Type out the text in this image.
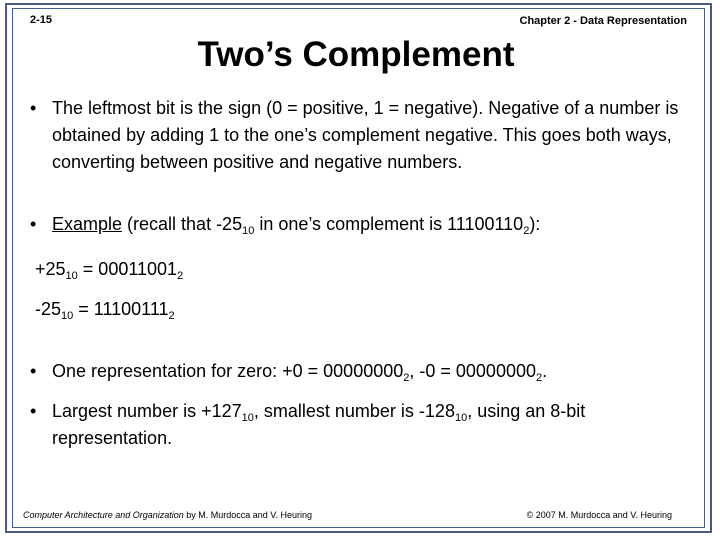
2-15	Chapter 2 - Data Representation
Two’s Complement
• The leftmost bit is the sign (0 = positive, 1 = negative). Negative of a number is obtained by adding 1 to the one’s complement negative. This goes both ways, converting between positive and negative numbers.
• Example (recall that $-25_{10}$ in one’s complement is $11100110_2$):
$+25_{10} = 00011001_2$
$-25_{10} = 11100111_2$
• One representation for zero: $+0 = 00000000_2$, $-0 = 00000000_2$.
• Largest number is $+127_{10}$, smallest number is $-128_{10}$, using an 8-bit representation.
Computer Architecture and Organization by M. Murdocca and V. Heuring	© 2007 M. Murdocca and V. Heuring
